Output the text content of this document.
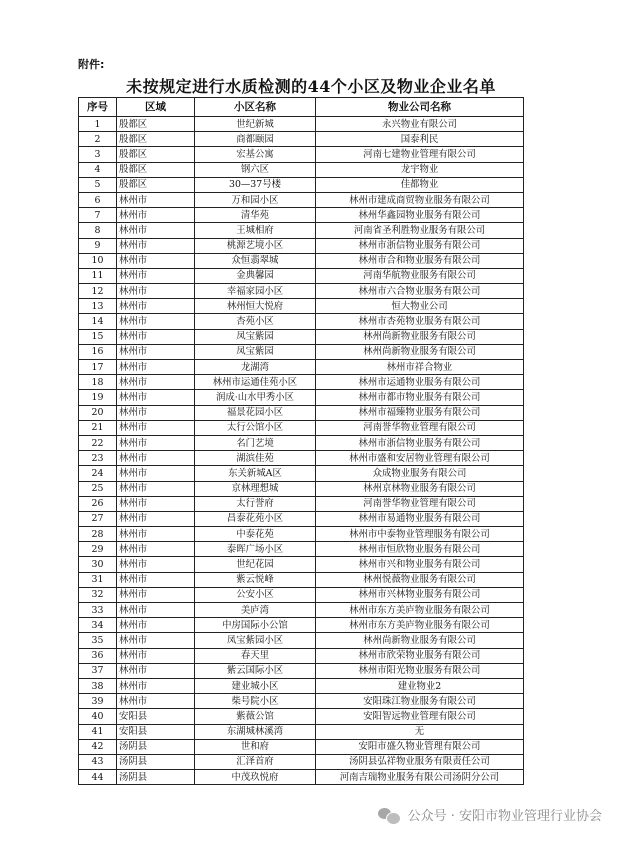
附件:
未按规定进行水质检测的44个小区及物业企业名单
序号	区域	小区名称	物业公司名称
1	殷都区	世纪新城	永兴物业有限公司
2	殷都区	商都颐园	国泰利民
3	殷都区	宏基公寓	河南七建物业管理有限公司
4	殷都区	钢六区	龙宇物业
5	殷都区	30—37号楼	佳都物业
6	林州市	万和园小区	林州市建成商贸物业服务有限公司
7	林州市	清华苑	林州华鑫园物业服务有限公司
8	林州市	王城相府	河南省圣利胜物业服务有限公司
9	林州市	桃源艺境小区	林州市浙信物业服务有限公司
10	林州市	众恒翡翠城	林州市合和物业服务有限公司
11	林州市	金典馨园	河南华航物业服务有限公司
12	林州市	幸福家园小区	林州市六合物业服务有限公司
13	林州市	林州恒大悦府	恒大物业公司
14	林州市	杏苑小区	林州市杏苑物业服务有限公司
15	林州市	凤宝紫园	林州尚新物业服务有限公司
16	林州市	凤宝紫园	林州尚新物业服务有限公司
17	林州市	龙湖湾	林州市祥合物业
18	林州市	林州市运通佳苑小区	林州市运通物业服务有限公司
19	林州市	润成·山水甲秀小区	林州市都市物业服务有限公司
20	林州市	福景花园小区	林州市福臻物业服务有限公司
21	林州市	太行公馆小区	河南誉华物业管理有限公司
22	林州市	名门艺境	林州市浙信物业服务有限公司
23	林州市	湖滨佳苑	林州市盛和安居物业管理有限公司
24	林州市	东关新城A区	众成物业服务有限公司
25	林州市	京林理想城	林州京林物业服务有限公司
26	林州市	太行誉府	河南誉华物业管理有限公司
27	林州市	昌泰花苑小区	林州市易通物业服务有限公司
28	林州市	中泰花苑	林州市中泰物业管理服务有限公司
29	林州市	泰晖广场小区	林州市恒欣物业服务有限公司
30	林州市	世纪花园	林州市兴和物业服务有限公司
31	林州市	紫云悦峰	林州悦薇物业服务有限公司
32	林州市	公安小区	林州市兴林物业服务有限公司
33	林州市	美庐湾	林州市东方美庐物业服务有限公司
34	林州市	中房国际小公馆	林州市东方美庐物业服务有限公司
35	林州市	凤宝紫园小区	林州尚新物业服务有限公司
36	林州市	春天里	林州市欣荣物业服务有限公司
37	林州市	紫云国际小区	林州市阳光物业服务有限公司
38	林州市	建业城小区	建业物业2
39	林州市	柴号院小区	安阳珠江物业服务有限公司
40	安阳县	紫薇公馆	安阳智远物业管理有限公司
41	安阳县	东湖城林溪湾	无
42	汤阴县	世和府	安阳市盛久物业管理有限公司
43	汤阴县	汇泽首府	汤阴县弘祥物业服务有限责任公司
44	汤阴县	中茂玖悦府	河南吉瑞物业服务有限公司汤阴分公司
公众号 · 安阳市物业管理行业协会
